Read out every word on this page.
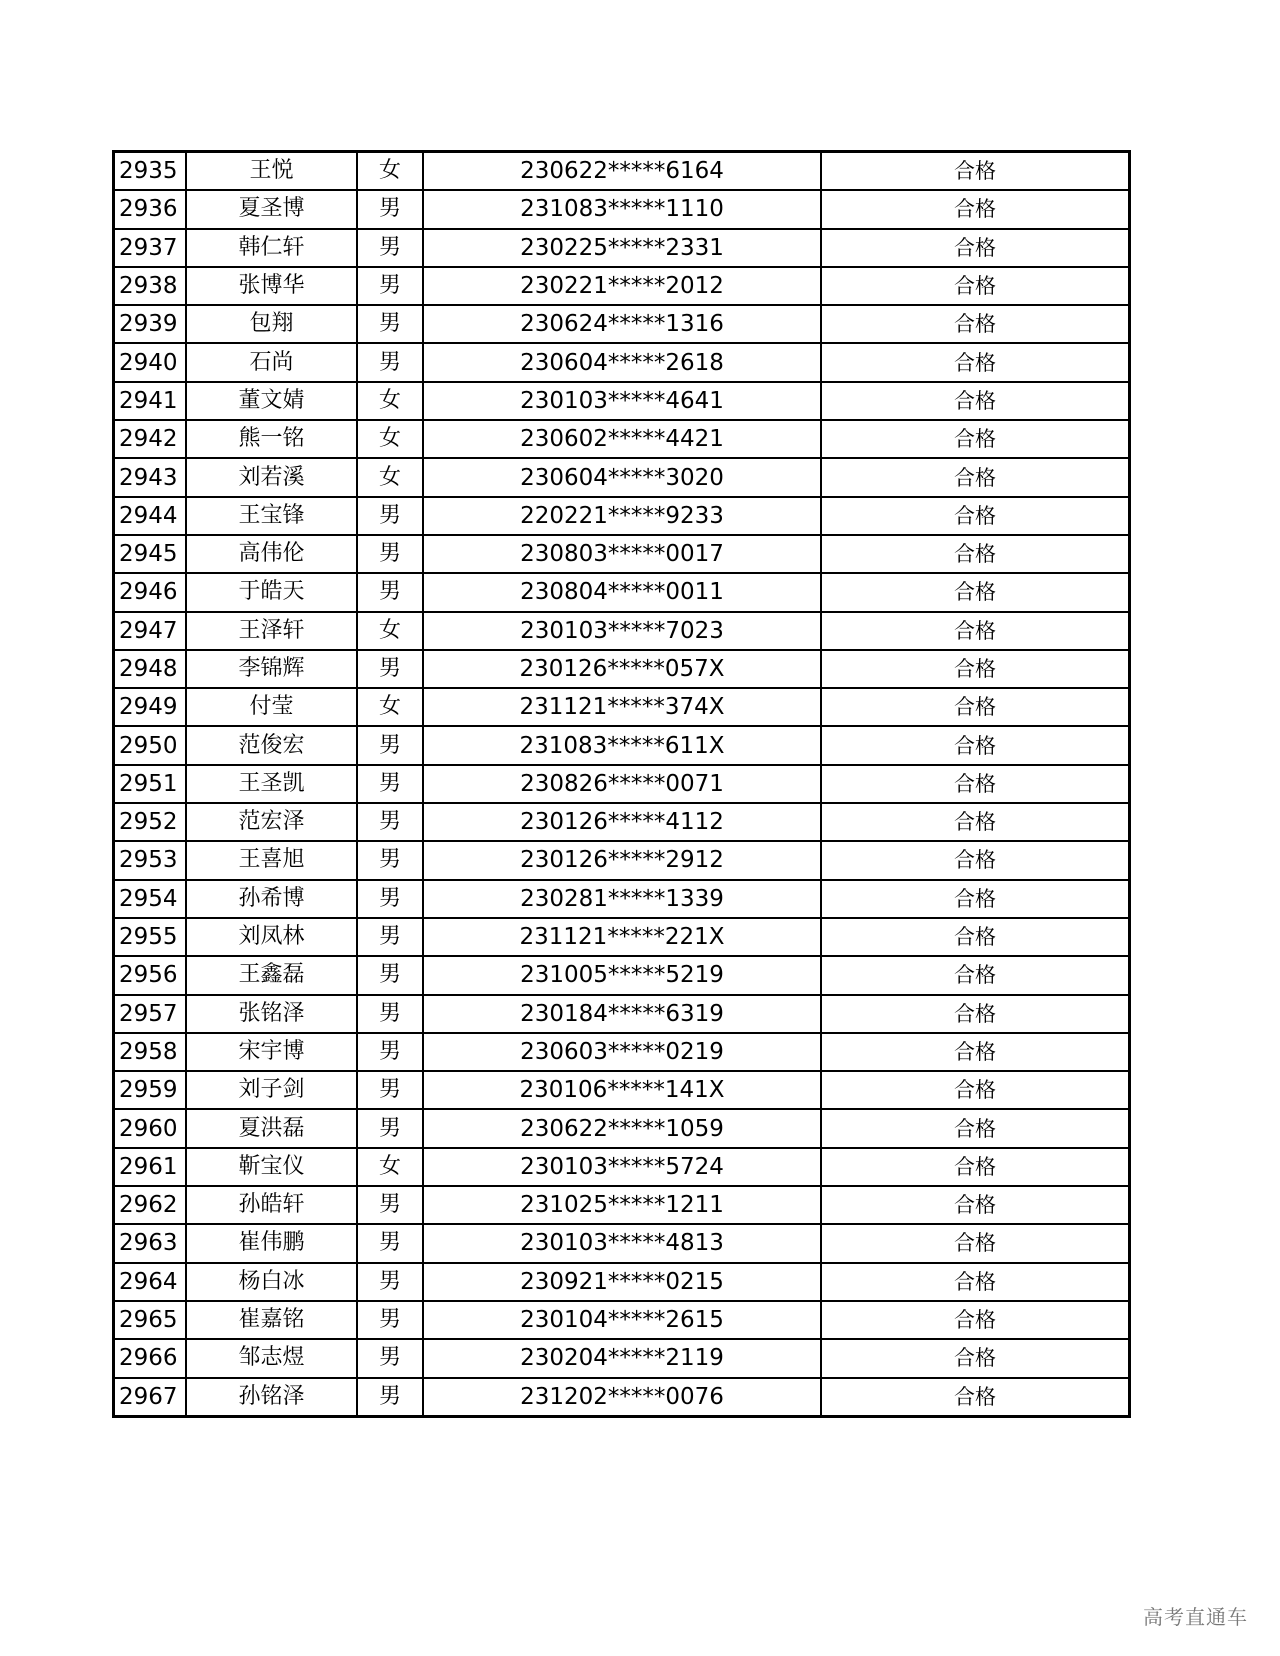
2935	王悦	女	230622*****6164	合格
2936	夏圣博	男	231083*****1110	合格
2937	韩仁轩	男	230225*****2331	合格
2938	张博华	男	230221*****2012	合格
2939	包翔	男	230624*****1316	合格
2940	石尚	男	230604*****2618	合格
2941	董文婧	女	230103*****4641	合格
2942	熊一铭	女	230602*****4421	合格
2943	刘若溪	女	230604*****3020	合格
2944	王宝锋	男	220221*****9233	合格
2945	高伟伦	男	230803*****0017	合格
2946	于皓天	男	230804*****0011	合格
2947	王泽轩	女	230103*****7023	合格
2948	李锦辉	男	230126*****057X	合格
2949	付莹	女	231121*****374X	合格
2950	范俊宏	男	231083*****611X	合格
2951	王圣凯	男	230826*****0071	合格
2952	范宏泽	男	230126*****4112	合格
2953	王喜旭	男	230126*****2912	合格
2954	孙希博	男	230281*****1339	合格
2955	刘凤林	男	231121*****221X	合格
2956	王鑫磊	男	231005*****5219	合格
2957	张铭泽	男	230184*****6319	合格
2958	宋宇博	男	230603*****0219	合格
2959	刘子剑	男	230106*****141X	合格
2960	夏洪磊	男	230622*****1059	合格
2961	靳宝仪	女	230103*****5724	合格
2962	孙皓轩	男	231025*****1211	合格
2963	崔伟鹏	男	230103*****4813	合格
2964	杨白冰	男	230921*****0215	合格
2965	崔嘉铭	男	230104*****2615	合格
2966	邹志煜	男	230204*****2119	合格
2967	孙铭泽	男	231202*****0076	合格
高考直通车
